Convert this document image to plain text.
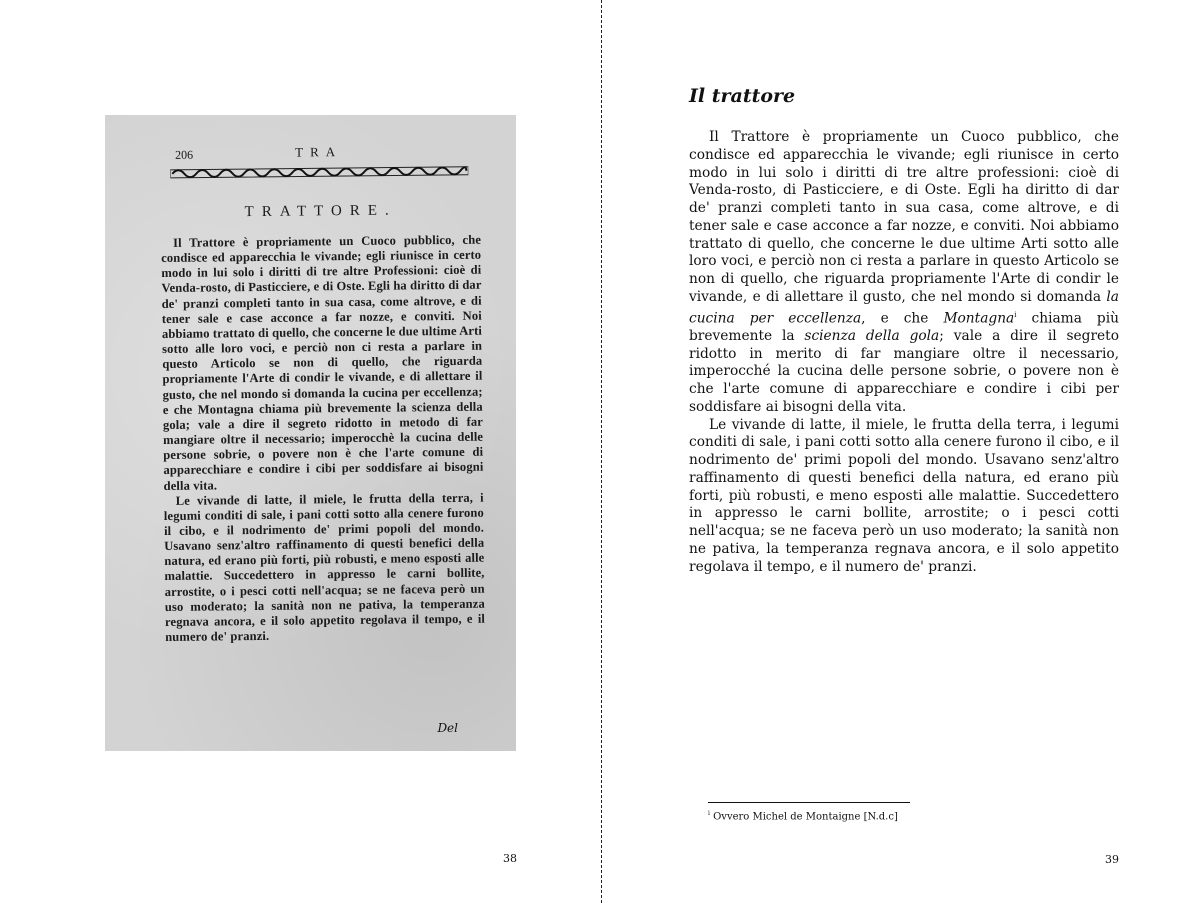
206	TRA
TRATTORE.

Il Trattore è propriamente un Cuoco pubblico, che condisce ed apparecchia le vivande; egli riunisce in certo modo in lui solo i diritti di tre altre Professioni: cioè di Venda-rosto, di Pasticciere, e di Oste. Egli ha diritto di dar de' pranzi completi tanto in sua casa, come altrove, e di tener sale e case acconce a far nozze, e conviti. Noi abbiamo trattato di quello, che concerne le due ultime Arti sotto alle loro voci, e perciò non ci resta a parlare in questo Articolo se non di quello, che riguarda propriamente l'Arte di condir le vivande, e di allettare il gusto, che nel mondo si domanda la cucina per eccellenza; e che Montagna chiama più brevemente la scienza della gola; vale a dire il segreto ridotto in metodo di far mangiare oltre il necessario; imperocchè la cucina delle persone sobrie, o povere non è che l'arte comune di apparecchiare e condire i cibi per soddisfare ai bisogni della vita.

Le vivande di latte, il miele, le frutta della terra, i legumi conditi di sale, i pani cotti sotto alla cenere furono il cibo, e il nodrimento de' primi popoli del mondo. Usavano senz'altro raffinamento di questi benefici della natura, ed erano più forti, più robusti, e meno esposti alle malattie. Succedettero in appresso le carni bollite, arrostite, o i pesci cotti nell'acqua; se ne faceva però un uso moderato; la sanità non ne pativa, la temperanza regnava ancora, e il solo appetito regolava il tempo, e il numero de' pranzi.

Del
38
Il trattore

Il Trattore è propriamente un Cuoco pubblico, che condisce ed apparecchia le vivande; egli riunisce in certo modo in lui solo i diritti di tre altre professioni: cioè di Venda-rosto, di Pasticciere, e di Oste. Egli ha diritto di dar de' pranzi completi tanto in sua casa, come altrove, e di tener sale e case acconce a far nozze, e conviti. Noi abbiamo trattato di quello, che concerne le due ultime Arti sotto alle loro voci, e perciò non ci resta a parlare in questo Articolo se non di quello, che riguarda propriamente l'Arte di condir le vivande, e di allettare il gusto, che nel mondo si domanda la cucina per eccellenza, e che Montagna$^i$ chiama più brevemente la scienza della gola; vale a dire il segreto ridotto in merito di far mangiare oltre il necessario, imperocché la cucina delle persone sobrie, o povere non è che l'arte comune di apparecchiare e condire i cibi per soddisfare ai bisogni della vita.

Le vivande di latte, il miele, le frutta della terra, i legumi conditi di sale, i pani cotti sotto alla cenere furono il cibo, e il nodrimento de' primi popoli del mondo. Usavano senz'altro raffinamento di questi benefici della natura, ed erano più forti, più robusti, e meno esposti alle malattie. Succedettero in appresso le carni bollite, arrostite; o i pesci cotti nell'acqua; se ne faceva però un uso moderato; la sanità non ne pativa, la temperanza regnava ancora, e il solo appetito regolava il tempo, e il numero de' pranzi.

$^i$ Ovvero Michel de Montaigne [N.d.c]
39
